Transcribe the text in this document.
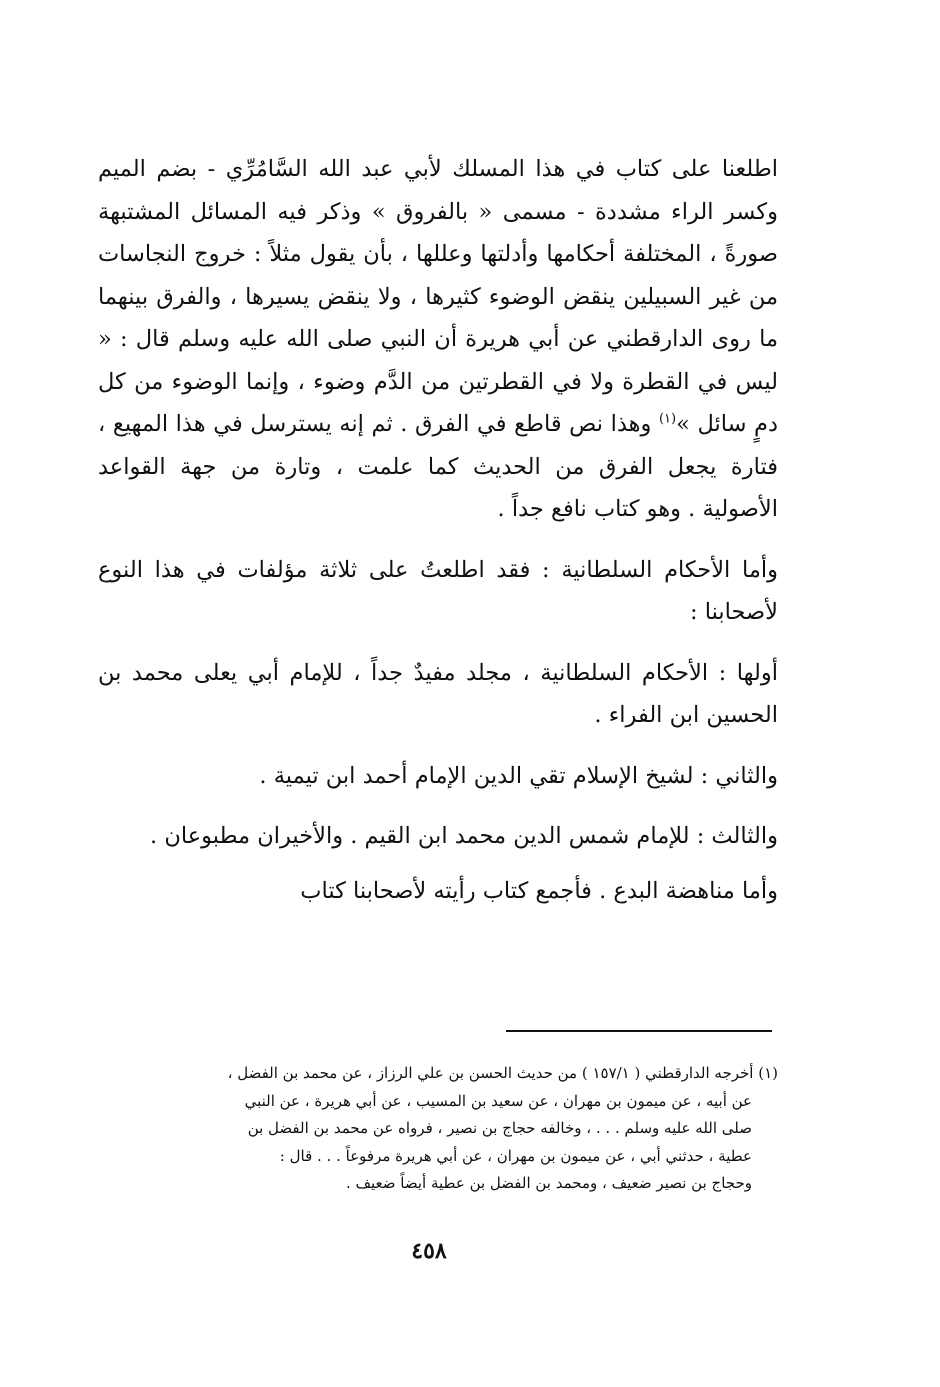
اطلعنا على كتاب في هذا المسلك لأبي عبد الله السَّامُرِّي - بضم الميم وكسر الراء مشددة - مسمى « بالفروق » وذكر فيه المسائل المشتبهة صورةً ، المختلفة أحكامها وأدلتها وعللها ، بأن يقول مثلاً : خروج النجاسات من غير السبيلين ينقض الوضوء كثيرها ، ولا ينقض يسيرها ، والفرق بينهما ما روى الدارقطني عن أبي هريرة أن النبي صلى الله عليه وسلم قال : « ليس في القطرة ولا في القطرتين من الدَّم وضوء ، وإنما الوضوء من كل دمٍ سائل »$^{(١)}$ وهذا نص قاطع في الفرق . ثم إنه يسترسل في هذا المهيع ، فتارة يجعل الفرق من الحديث كما علمت ، وتارة من جهة القواعد الأصولية . وهو كتاب نافع جداً .

وأما الأحكام السلطانية : فقد اطلعتُ على ثلاثة مؤلفات في هذا النوع لأصحابنا :

أولها : الأحكام السلطانية ، مجلد مفيدٌ جداً ، للإمام أبي يعلى محمد بن الحسين ابن الفراء .

والثاني : لشيخ الإسلام تقي الدين الإمام أحمد ابن تيمية .

والثالث : للإمام شمس الدين محمد ابن القيم . والأخيران مطبوعان .

وأما مناهضة البدع . فأجمع كتاب رأيته لأصحابنا كتاب

(١) أخرجه الدارقطني ( ١٥٧/١ ) من حديث الحسن بن علي الرزاز ، عن محمد بن الفضل ،
عن أبيه ، عن ميمون بن مهران ، عن سعيد بن المسيب ، عن أبي هريرة ، عن النبي
صلى الله عليه وسلم . . . ، وخالفه حجاج بن نصير ، فرواه عن محمد بن الفضل بن
عطية ، حدثني أبي ، عن ميمون بن مهران ، عن أبي هريرة مرفوعاً . . . قال :
وحجاج بن نصير ضعيف ، ومحمد بن الفضل بن عطية أيضاً ضعيف .
٤٥٨
